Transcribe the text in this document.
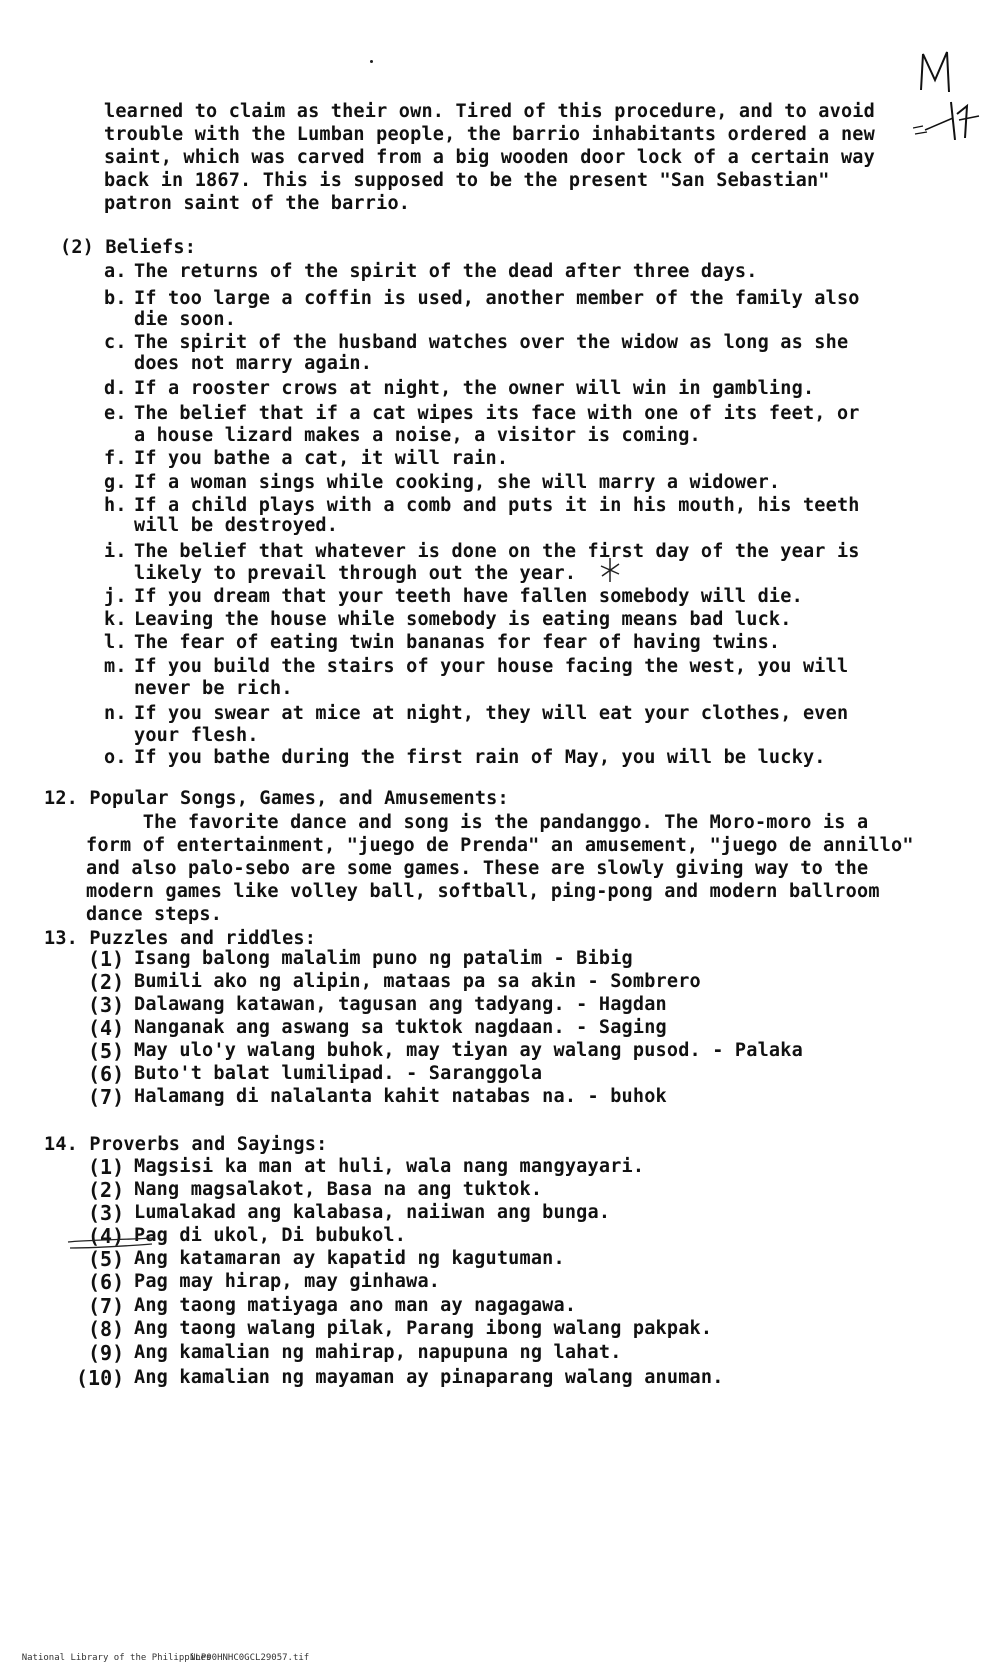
learned to claim as their own. Tired of this procedure, and to avoid
trouble with the Lumban people, the barrio inhabitants ordered a new
saint, which was carved from a big wooden door lock of a certain way
back in 1867. This is supposed to be the present "San Sebastian"
patron saint of the barrio.
(2) Beliefs:
a. The returns of the spirit of the dead after three days.
b. If too large a coffin is used, another member of the family also
die soon.
c. The spirit of the husband watches over the widow as long as she
does not marry again.
d. If a rooster crows at night, the owner will win in gambling.
e. The belief that if a cat wipes its face with one of its feet, or
a house lizard makes a noise, a visitor is coming.
f. If you bathe a cat, it will rain.
g. If a woman sings while cooking, she will marry a widower.
h. If a child plays with a comb and puts it in his mouth, his teeth
will be destroyed.
i. The belief that whatever is done on the first day of the year is
likely to prevail through out the year.
j. If you dream that your teeth have fallen somebody will die.
k. Leaving the house while somebody is eating means bad luck.
l. The fear of eating twin bananas for fear of having twins.
m. If you build the stairs of your house facing the west, you will
never be rich.
n. If you swear at mice at night, they will eat your clothes, even
your flesh.
o. If you bathe during the first rain of May, you will be lucky.
12. Popular Songs, Games, and Amusements:
The favorite dance and song is the pandanggo. The Moro-moro is a
form of entertainment, "juego de Prenda" an amusement, "juego de annillo"
and also palo-sebo are some games. These are slowly giving way to the
modern games like volley ball, softball, ping-pong and modern ballroom
dance steps.
13. Puzzles and riddles:
(1) Isang balong malalim puno ng patalim - Bibig
(2) Bumili ako ng alipin, mataas pa sa akin - Sombrero
(3) Dalawang katawan, tagusan ang tadyang. - Hagdan
(4) Nanganak ang aswang sa tuktok nagdaan. - Saging
(5) May ulo'y walang buhok, may tiyan ay walang pusod. - Palaka
(6) Buto't balat lumilipad. - Saranggola
(7) Halamang di nalalanta kahit natabas na. - buhok
14. Proverbs and Sayings:
(1) Magsisi ka man at huli, wala nang mangyayari.
(2) Nang magsalakot, Basa na ang tuktok.
(3) Lumalakad ang kalabasa, naiiwan ang bunga.
(4) Pag di ukol, Di bubukol.
(5) Ang katamaran ay kapatid ng kagutuman.
(6) Pag may hirap, may ginhawa.
(7) Ang taong matiyaga ano man ay nagagawa.
(8) Ang taong walang pilak, Parang ibong walang pakpak.
(9) Ang kamalian ng mahirap, napupuna ng lahat.
(10) Ang kamalian ng mayaman ay pinaparang walang anuman.

National Library of the Philippines
NLP00HNHC0GCL29057.tif
